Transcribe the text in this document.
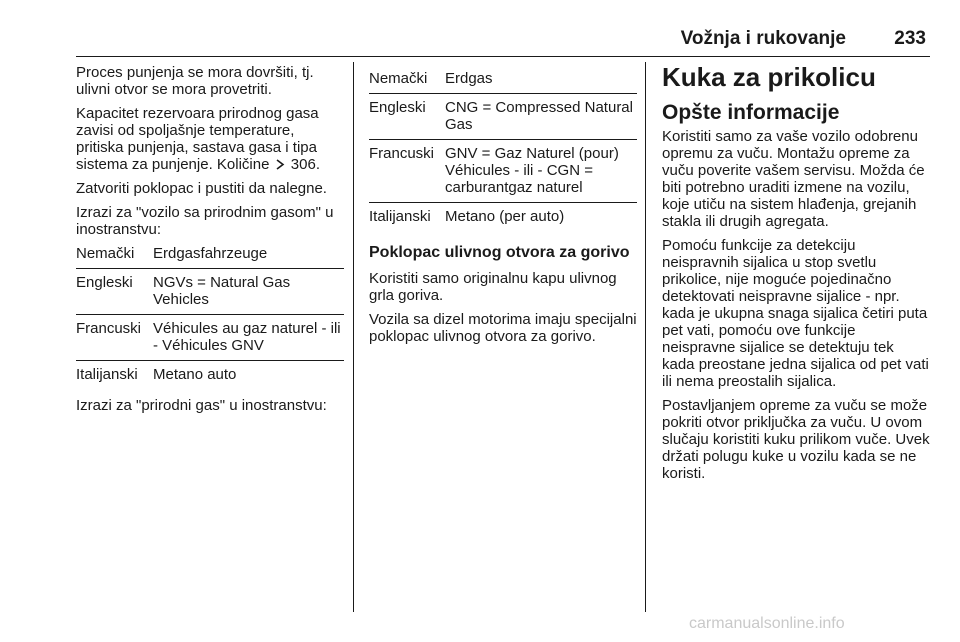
Vožnja i rukovanje	233

Proces punjenja se mora dovršiti, tj. ulivni otvor se mora provetriti.

Kapacitet rezervoara prirodnog gasa zavisi od spoljašnje temperature, pritiska punjenja, sastava gasa i tipa sistema za punjenje. Količine 306.

Zatvoriti poklopac i pustiti da nalegne.

Izrazi za "vozilo sa prirodnim gasom" u inostranstvu:

Nemački	Erdgasfahrzeuge
Engleski	NGVs = Natural Gas Vehicles
Francuski Véhicules au gaz naturel - ili - Véhicules GNV
Italijanski	Metano auto

Izrazi za "prirodni gas" u inostranstvu:

Nemački	Erdgas
Engleski	CNG = Compressed Natural Gas
Francuski GNV = Gaz Naturel (pour) Véhicules - ili - CGN = carburantgaz naturel
Italijanski Metano (per auto)
Poklopac ulivnog otvora za gorivo

Koristiti samo originalnu kapu ulivnog grla goriva.

Vozila sa dizel motorima imaju specijalni poklopac ulivnog otvora za gorivo.

Kuka za prikolicu
Opšte informacije

Koristiti samo za vaše vozilo odobrenu opremu za vuču. Montažu opreme za vuču poverite vašem servisu. Možda će biti potrebno uraditi izmene na vozilu, koje utiču na sistem hlađenja, grejanih stakla ili drugih agregata.

Pomoću funkcije za detekciju neispravnih sijalica u stop svetlu prikolice, nije moguće pojedinačno detektovati neispravne sijalice - npr. kada je ukupna snaga sijalica četiri puta pet vati, pomoću ove funkcije neispravne sijalice se detektuju tek kada preostane jedna sijalica od pet vati ili nema preostalih sijalica.

Postavljanjem opreme za vuču se može pokriti otvor priključka za vuču. U ovom slučaju koristiti kuku prilikom vuče. Uvek držati polugu kuke u vozilu kada se ne koristi.

carmanualsonline.info
